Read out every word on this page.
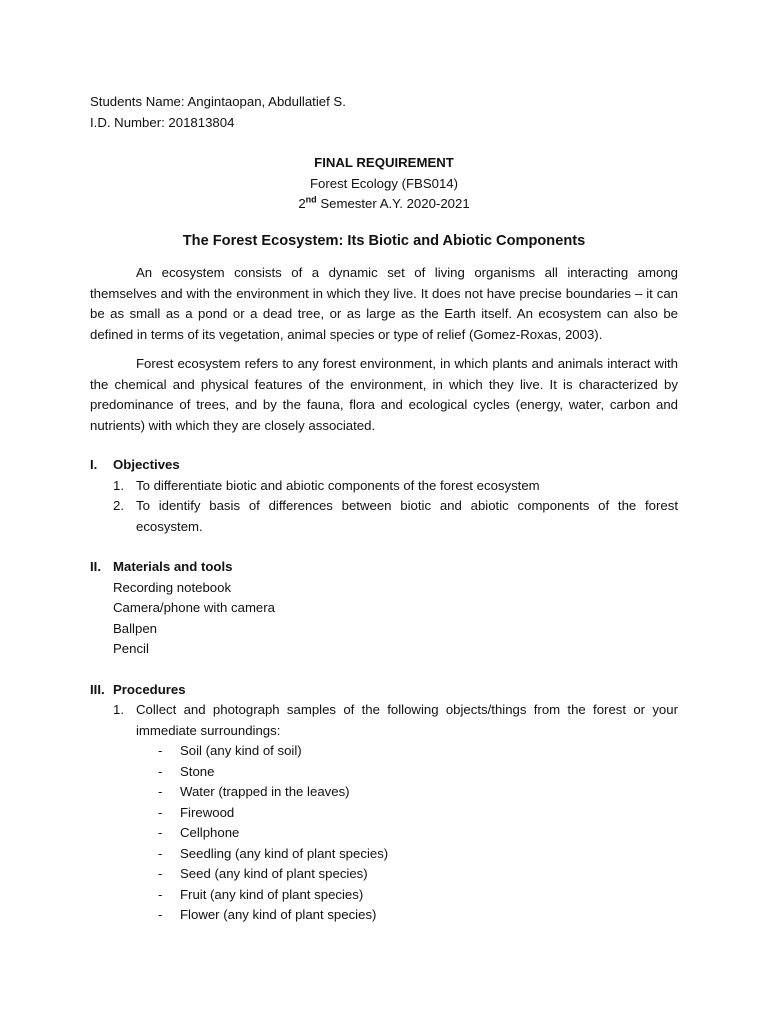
Students Name: Angintaopan, Abdullatief S.
I.D. Number: 201813804
FINAL REQUIREMENT
Forest Ecology (FBS014)
2nd Semester A.Y. 2020-2021
The Forest Ecosystem: Its Biotic and Abiotic Components

An ecosystem consists of a dynamic set of living organisms all interacting among themselves and with the environment in which they live. It does not have precise boundaries – it can be as small as a pond or a dead tree, or as large as the Earth itself. An ecosystem can also be defined in terms of its vegetation, animal species or type of relief (Gomez-Roxas, 2003).

Forest ecosystem refers to any forest environment, in which plants and animals interact with the chemical and physical features of the environment, in which they live. It is characterized by predominance of trees, and by the fauna, flora and ecological cycles (energy, water, carbon and nutrients) with which they are closely associated.

I.	Objectives
1. To differentiate biotic and abiotic components of the forest ecosystem
2. To identify basis of differences between biotic and abiotic components of the forest ecosystem.
II. Materials and tools
Recording notebook
Camera/phone with camera
Ballpen
Pencil
III. Procedures
1. Collect and photograph samples of the following objects/things from the forest or your immediate surroundings:
-	Soil (any kind of soil)
-	Stone
-	Water (trapped in the leaves)
-	Firewood
-	Cellphone
-	Seedling (any kind of plant species)
-	Seed (any kind of plant species)
-	Fruit (any kind of plant species)
-	Flower (any kind of plant species)
